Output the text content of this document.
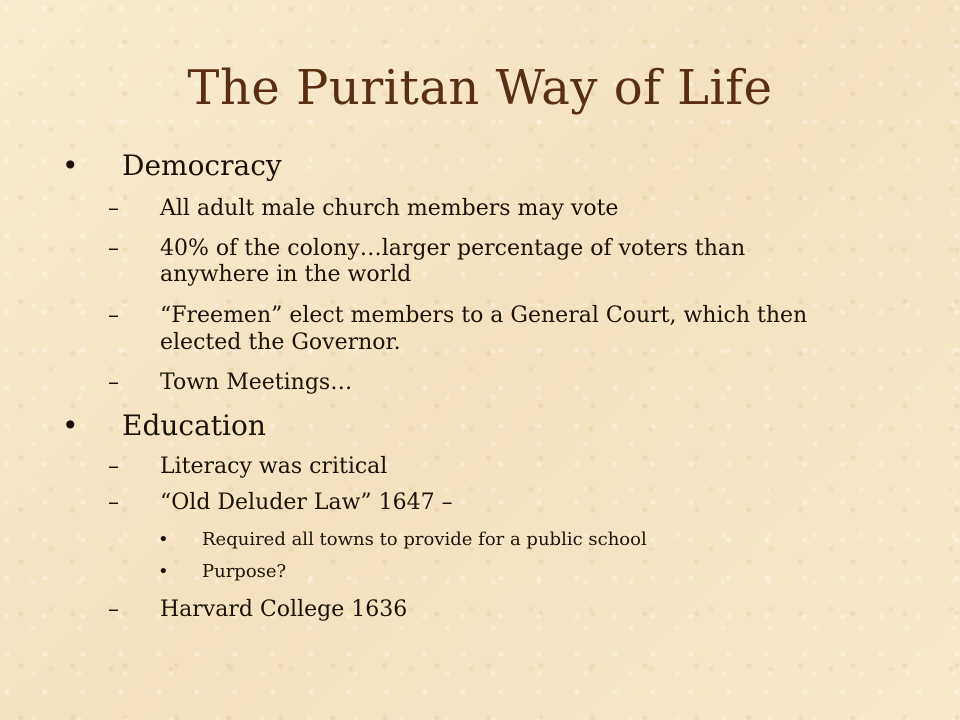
The Puritan Way of Life
• Democracy
– All adult male church members may vote
– 40% of the colony…larger percentage of voters than
anywhere in the world
– “Freemen” elect members to a General Court, which then
elected the Governor.
– Town Meetings…
• Education
– Literacy was critical
– “Old Deluder Law” 1647 –
• Required all towns to provide for a public school
• Purpose?
– Harvard College 1636
